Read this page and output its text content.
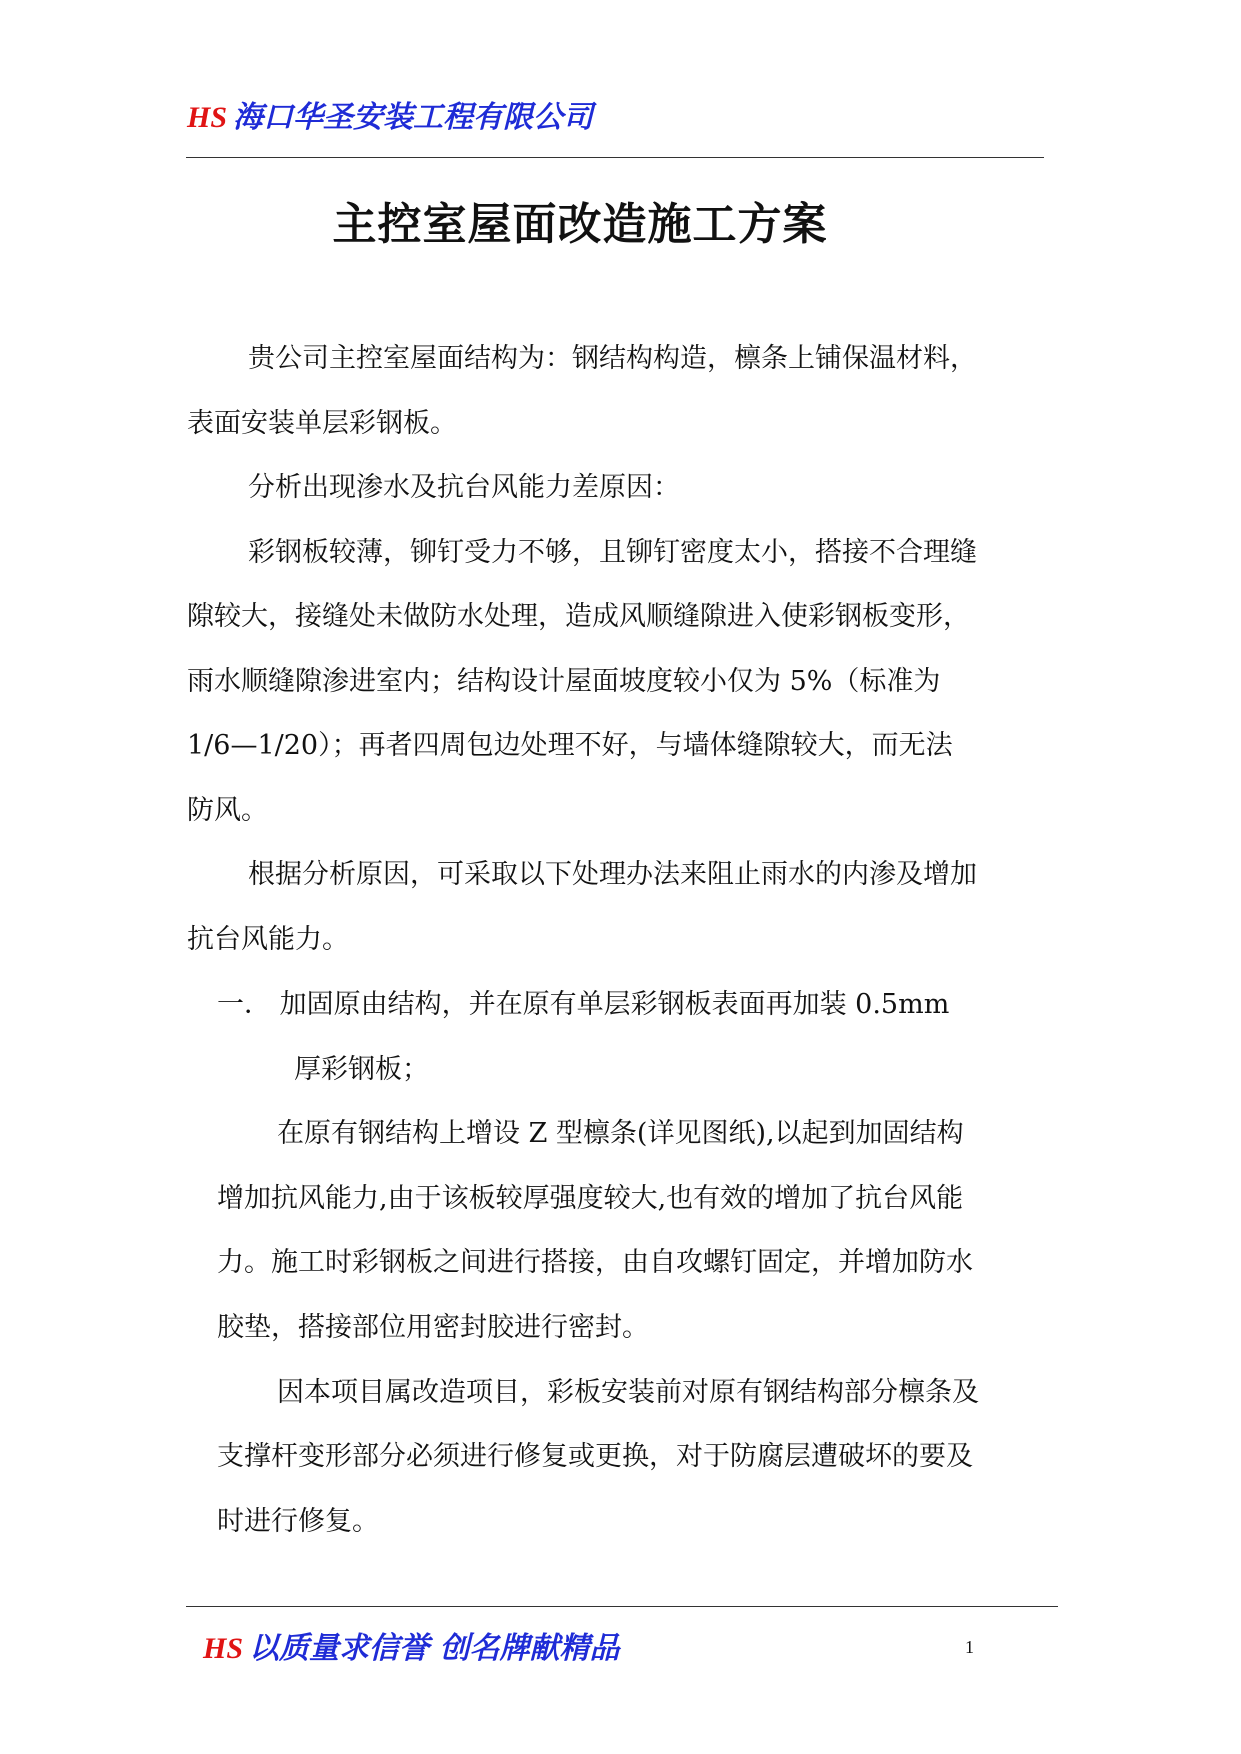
HS 海口华圣安装工程有限公司
主控室屋面改造施工方案
贵公司主控室屋面结构为：钢结构构造，檩条上铺保温材料，
表面安装单层彩钢板。
分析出现渗水及抗台风能力差原因：
彩钢板较薄，铆钉受力不够，且铆钉密度太小，搭接不合理缝
隙较大，接缝处未做防水处理，造成风顺缝隙进入使彩钢板变形，
雨水顺缝隙渗进室内；结构设计屋面坡度较小仅为 5%（标准为
1/6—1/20）；再者四周包边处理不好，与墙体缝隙较大，而无法
防风。
根据分析原因，可采取以下处理办法来阻止雨水的内渗及增加
抗台风能力。
一． 加固原由结构，并在原有单层彩钢板表面再加装 0.5mm
厚彩钢板；
在原有钢结构上增设 Z 型檩条(详见图纸),以起到加固结构
增加抗风能力,由于该板较厚强度较大,也有效的增加了抗台风能
力。施工时彩钢板之间进行搭接，由自攻螺钉固定，并增加防水
胶垫，搭接部位用密封胶进行密封。
因本项目属改造项目，彩板安装前对原有钢结构部分檩条及
支撑杆变形部分必须进行修复或更换，对于防腐层遭破坏的要及
时进行修复。
HS 以质量求信誉 创名牌献精品	1
